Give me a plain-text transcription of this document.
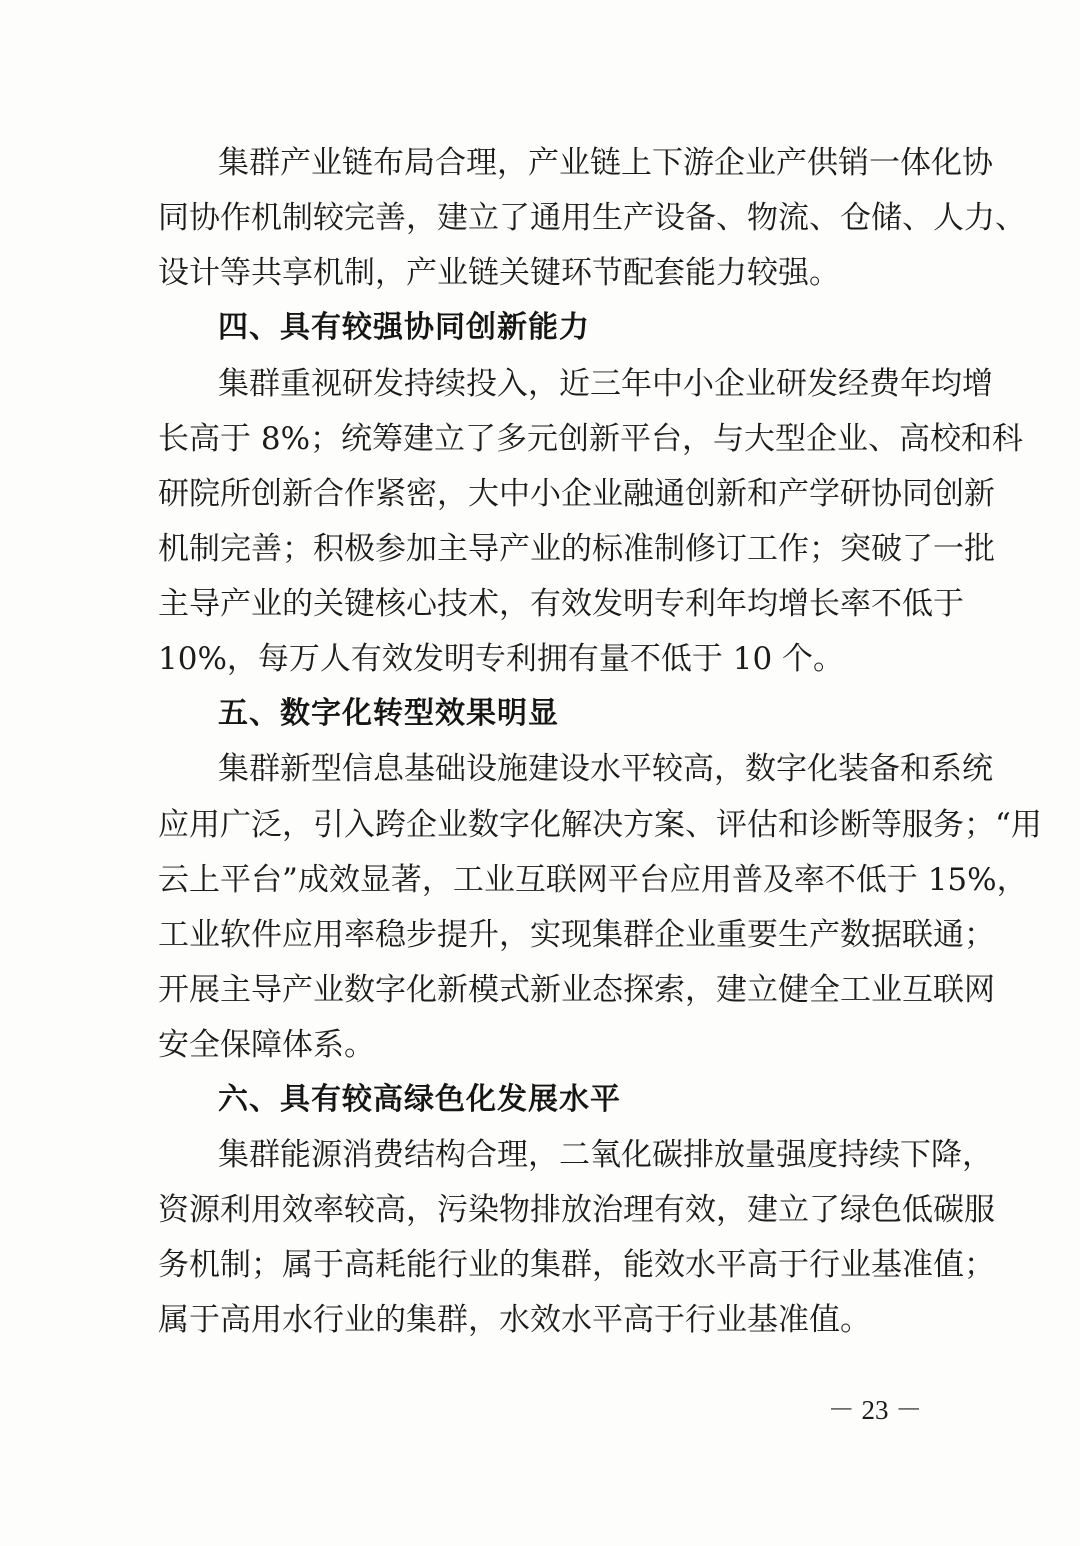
集群产业链布局合理，产业链上下游企业产供销一体化协
同协作机制较完善，建立了通用生产设备、物流、仓储、人力、
设计等共享机制，产业链关键环节配套能力较强。
四、具有较强协同创新能力
集群重视研发持续投入，近三年中小企业研发经费年均增
长高于 8%；统筹建立了多元创新平台，与大型企业、高校和科
研院所创新合作紧密，大中小企业融通创新和产学研协同创新
机制完善；积极参加主导产业的标准制修订工作；突破了一批
主导产业的关键核心技术，有效发明专利年均增长率不低于
10%，每万人有效发明专利拥有量不低于 10 个。
五、数字化转型效果明显
集群新型信息基础设施建设水平较高，数字化装备和系统
应用广泛，引入跨企业数字化解决方案、评估和诊断等服务；“用
云上平台”成效显著，工业互联网平台应用普及率不低于 15%，
工业软件应用率稳步提升，实现集群企业重要生产数据联通；
开展主导产业数字化新模式新业态探索，建立健全工业互联网
安全保障体系。
六、具有较高绿色化发展水平
集群能源消费结构合理，二氧化碳排放量强度持续下降，
资源利用效率较高，污染物排放治理有效，建立了绿色低碳服
务机制；属于高耗能行业的集群，能效水平高于行业基准值；
属于高用水行业的集群，水效水平高于行业基准值。
－ 23 －
